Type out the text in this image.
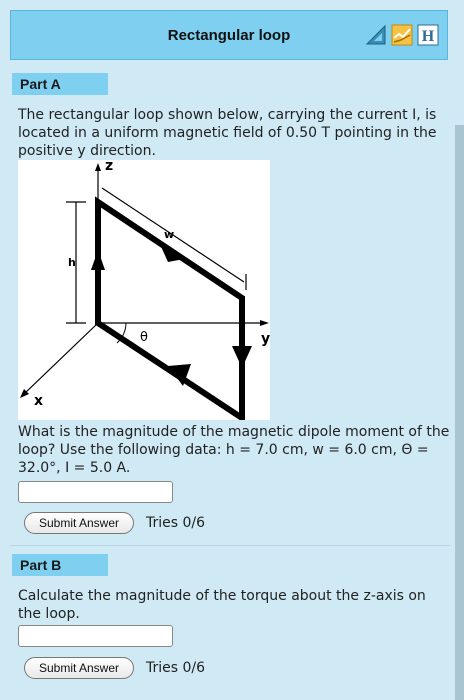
Rectangular loop	H
Part A
The rectangular loop shown below, carrying the current I, is located in a uniform magnetic field of 0.50 T pointing in the positive y direction.
z
y
x
h
w
θ
What is the magnitude of the magnetic dipole moment of the loop? Use the following data: h = 7.0 cm, w = 6.0 cm, Θ = 32.0°, I = 5.0 A.
Submit Answer	Tries 0/6
Part B
Calculate the magnitude of the torque about the z-axis on the loop.
Submit Answer	Tries 0/6
